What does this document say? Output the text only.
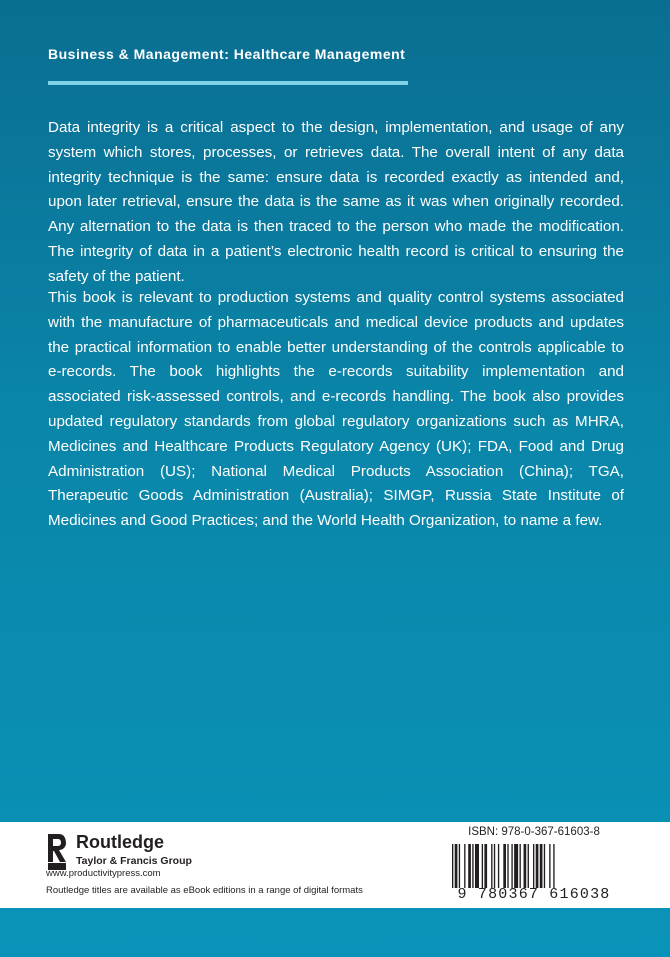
Business & Management: Healthcare Management

Data integrity is a critical aspect to the design, implementation, and usage of any system which stores, processes, or retrieves data. The overall intent of any data integrity technique is the same: ensure data is recorded exactly as intended and, upon later retrieval, ensure the data is the same as it was when originally recorded. Any alternation to the data is then traced to the person who made the modification. The integrity of data in a patient’s electronic health record is critical to ensuring the safety of the patient.

This book is relevant to production systems and quality control systems associated with the manufacture of pharmaceuticals and medical device products and updates the practical information to enable better understanding of the controls applicable to e-records. The book highlights the e-records suitability implementation and associated risk-assessed controls, and e-records handling. The book also provides updated regulatory standards from global regulatory organizations such as MHRA, Medicines and Healthcare Products Regulatory Agency (UK); FDA, Food and Drug Administration (US); National Medical Products Association (China); TGA, Therapeutic Goods Administration (Australia); SIMGP, Russia State Institute of Medicines and Good Practices; and the World Health Organization, to name a few.

Routledge
Taylor & Francis Group
www.productivitypress.com
Routledge titles are available as eBook editions in a range of digital formats
ISBN: 978-0-367-61603-8
9 780367 616038
